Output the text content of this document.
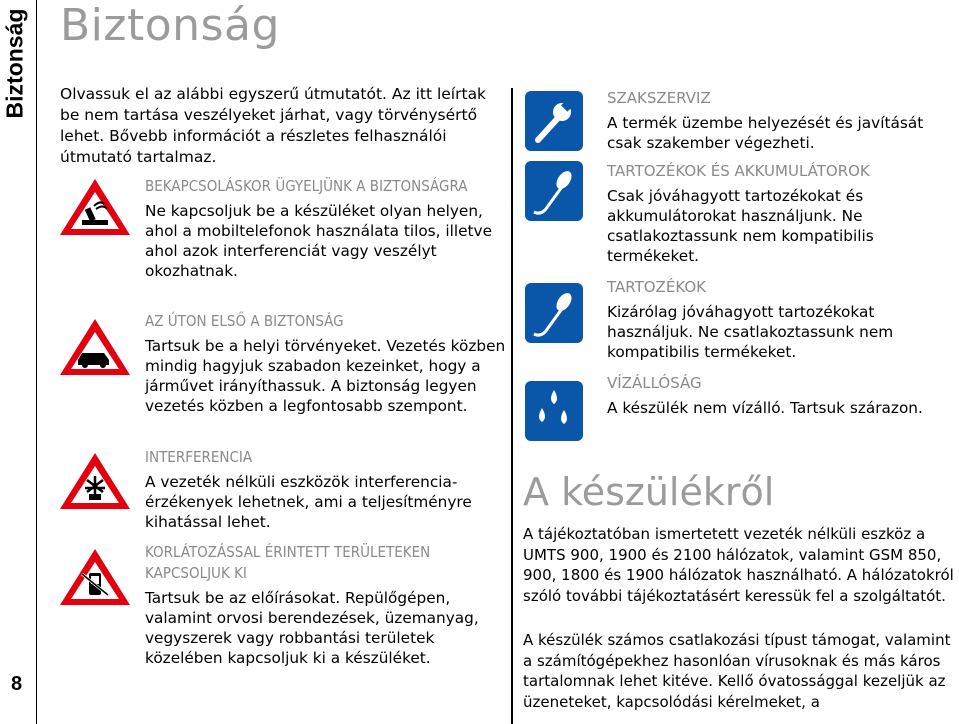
Biztonság
8
Biztonság
Olvassuk el az alábbi egyszerű útmutatót. Az itt leírtak be nem tartása veszélyeket járhat, vagy törvénysértő lehet. Bővebb információt a részletes felhasználói útmutató tartalmaz.
BEKAPCSOLÁSKOR ÜGYELJÜNK A BIZTONSÁGRA
Ne kapcsoljuk be a készüléket olyan helyen, ahol a mobiltelefonok használata tilos, illetve ahol azok interferenciát vagy veszélyt okozhatnak.
AZ ÚTON ELSŐ A BIZTONSÁG
Tartsuk be a helyi törvényeket. Vezetés közben mindig hagyjuk szabadon kezeinket, hogy a járművet irányíthassuk. A biztonság legyen vezetés közben a legfontosabb szempont.
INTERFERENCIA
A vezeték nélküli eszközök interferencia-érzékenyek lehetnek, ami a teljesítményre kihatással lehet.
KORLÁTOZÁSSAL ÉRINTETT TERÜLETEKEN KAPCSOLJUK KI
Tartsuk be az előírásokat. Repülőgépen, valamint orvosi berendezések, üzemanyag, vegyszerek vagy robbantási területek közelében kapcsoljuk ki a készüléket.
SZAKSZERVIZ
A termék üzembe helyezését és javítását csak szakember végezheti.
TARTOZÉKOK ÉS AKKUMULÁTOROK
Csak jóváhagyott tartozékokat és akkumulátorokat használjunk. Ne csatlakoztassunk nem kompatibilis termékeket.
TARTOZÉKOK
Kizárólag jóváhagyott tartozékokat használjuk. Ne csatlakoztassunk nem kompatibilis termékeket.
VÍZÁLLÓSÁG
A készülék nem vízálló. Tartsuk szárazon.
A készülékről
A tájékoztatóban ismertetett vezeték nélküli eszköz a UMTS 900, 1900 és 2100 hálózatok, valamint GSM 850, 900, 1800 és 1900 hálózatok használható. A hálózatokról szóló további tájékoztatásért keressük fel a szolgáltatót.
A készülék számos csatlakozási típust támogat, valamint a számítógépekhez hasonlóan vírusoknak és más káros tartalomnak lehet kitéve. Kellő óvatossággal kezeljük az üzeneteket, kapcsolódási kérelmeket, a
